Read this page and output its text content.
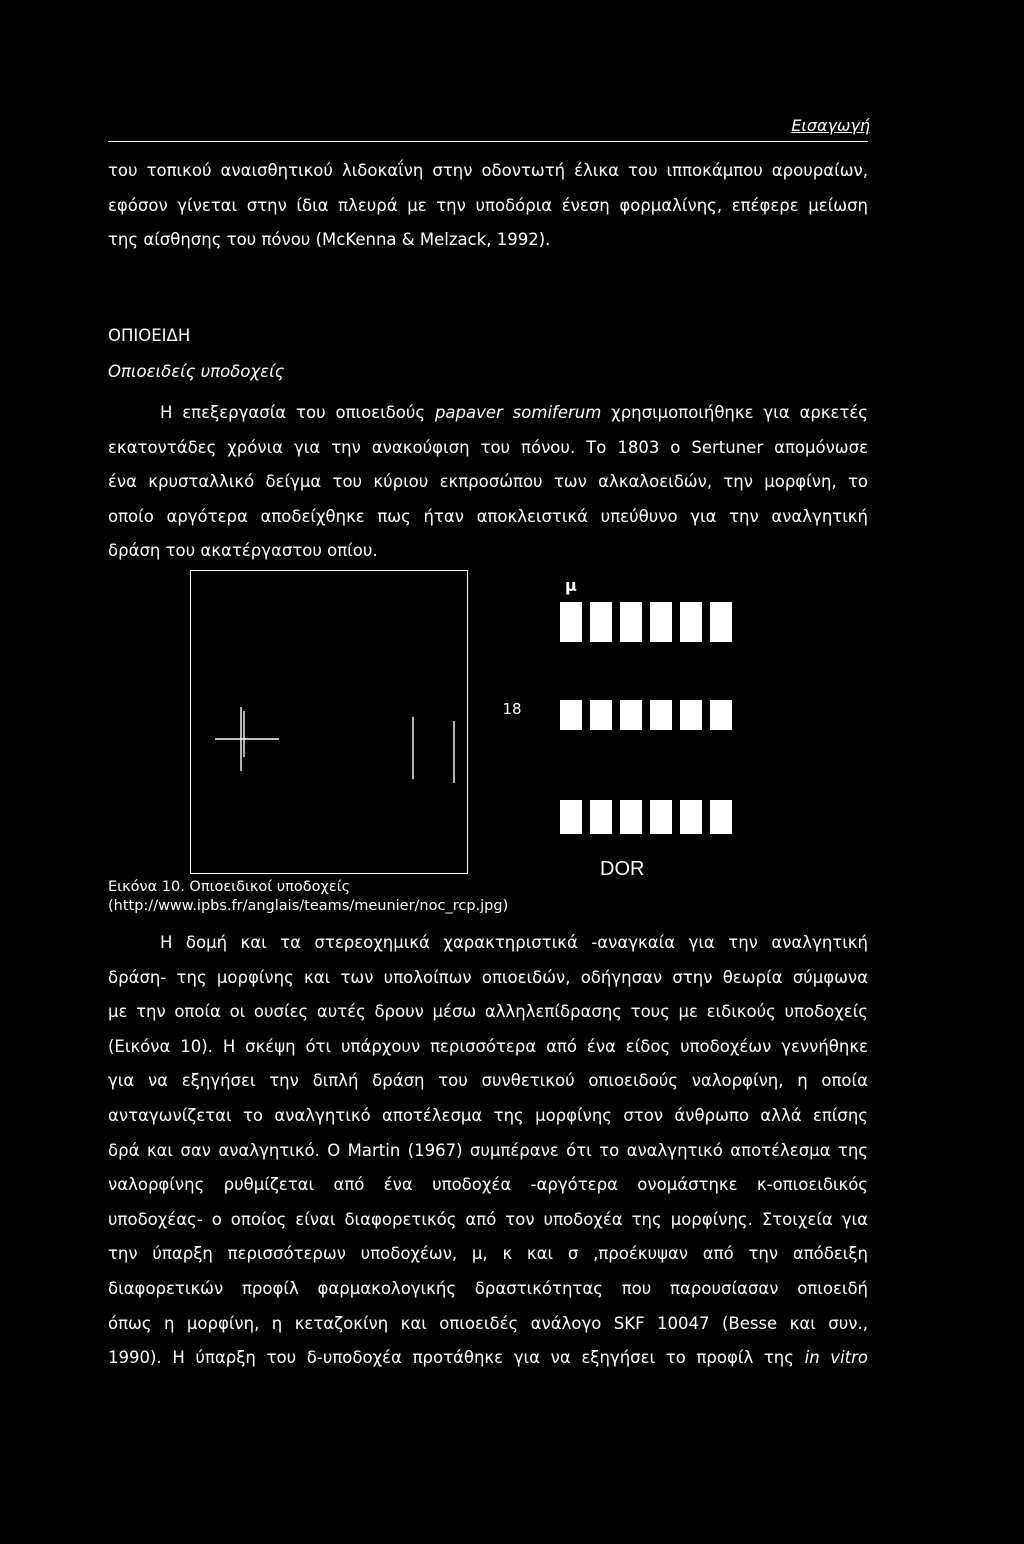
Εισαγωγή

του τοπικού αναισθητικού λιδοκαΐνη στην οδοντωτή έλικα του ιπποκάμπου αρουραίων,
εφόσον γίνεται στην ίδια πλευρά με την υποδόρια ένεση φορμαλίνης, επέφερε μείωση
της αίσθησης του πόνου (McKenna & Melzack, 1992).

ΟΠΙΟΕΙΔΗ

Οπιοειδείς υποδοχείς

Η επεξεργασία του οπιοειδούς papaver somiferum χρησιμοποιήθηκε για αρκετές
εκατοντάδες χρόνια για την ανακούφιση του πόνου. Το 1803 ο Sertuner απομόνωσε
ένα κρυσταλλικό δείγμα του κύριου εκπροσώπου των αλκαλοειδών, την μορφίνη, το
οποίο αργότερα αποδείχθηκε πως ήταν αποκλειστικά υπεύθυνο για την αναλγητική
δράση του ακατέργαστου οπίου.

μ
DOR

Εικόνα 10. Οπιοειδικοί υποδοχείς
(http://www.ipbs.fr/anglais/teams/meunier/noc_rcp.jpg)

Η δομή και τα στερεοχημικά χαρακτηριστικά -αναγκαία για την αναλγητική
δράση- της μορφίνης και των υπολοίπων οπιοειδών, οδήγησαν στην θεωρία σύμφωνα
με την οποία οι ουσίες αυτές δρουν μέσω αλληλεπίδρασης τους με ειδικούς υποδοχείς
(Εικόνα 10). Η σκέψη ότι υπάρχουν περισσότερα από ένα είδος υποδοχέων γεννήθηκε
για να εξηγήσει την διπλή δράση του συνθετικού οπιοειδούς ναλορφίνη, η οποία
ανταγωνίζεται το αναλγητικό αποτέλεσμα της μορφίνης στον άνθρωπο αλλά επίσης
δρά και σαν αναλγητικό. Ο Martin (1967) συμπέρανε ότι το αναλγητικό αποτέλεσμα της
ναλορφίνης ρυθμίζεται από ένα υποδοχέα -αργότερα ονομάστηκε κ-οπιοειδικός
υποδοχέας- ο οποίος είναι διαφορετικός από τον υποδοχέα της μορφίνης. Στοιχεία για
την ύπαρξη περισσότερων υποδοχέων, μ, κ και σ ,προέκυψαν από την απόδειξη
διαφορετικών προφίλ φαρμακολογικής δραστικότητας που παρουσίασαν οπιοειδή
όπως η μορφίνη, η κεταζοκίνη και οπιοειδές ανάλογο SKF 10047 (Besse και συν.,
1990). Η ύπαρξη του δ-υποδοχέα προτάθηκε για να εξηγήσει το προφίλ της in vitro

18
